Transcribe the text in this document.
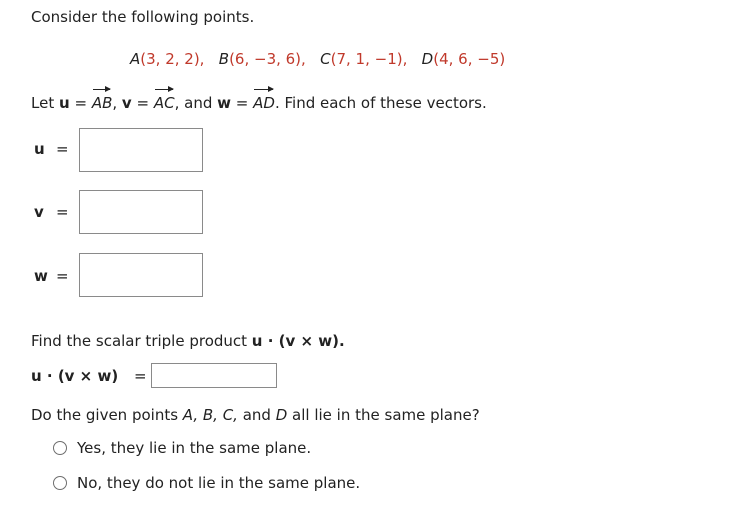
Consider the following points.
A(3, 2, 2), B(6, −3, 6), C(7, 1, −1), D(4, 6, −5)
Let u = AB, v = AC, and w = AD. Find each of these vectors.
u =
v =
w =
Find the scalar triple product u · (v × w).
u · (v × w) =
Do the given points A, B, C, and D all lie in the same plane?
Yes, they lie in the same plane.
No, they do not lie in the same plane.
